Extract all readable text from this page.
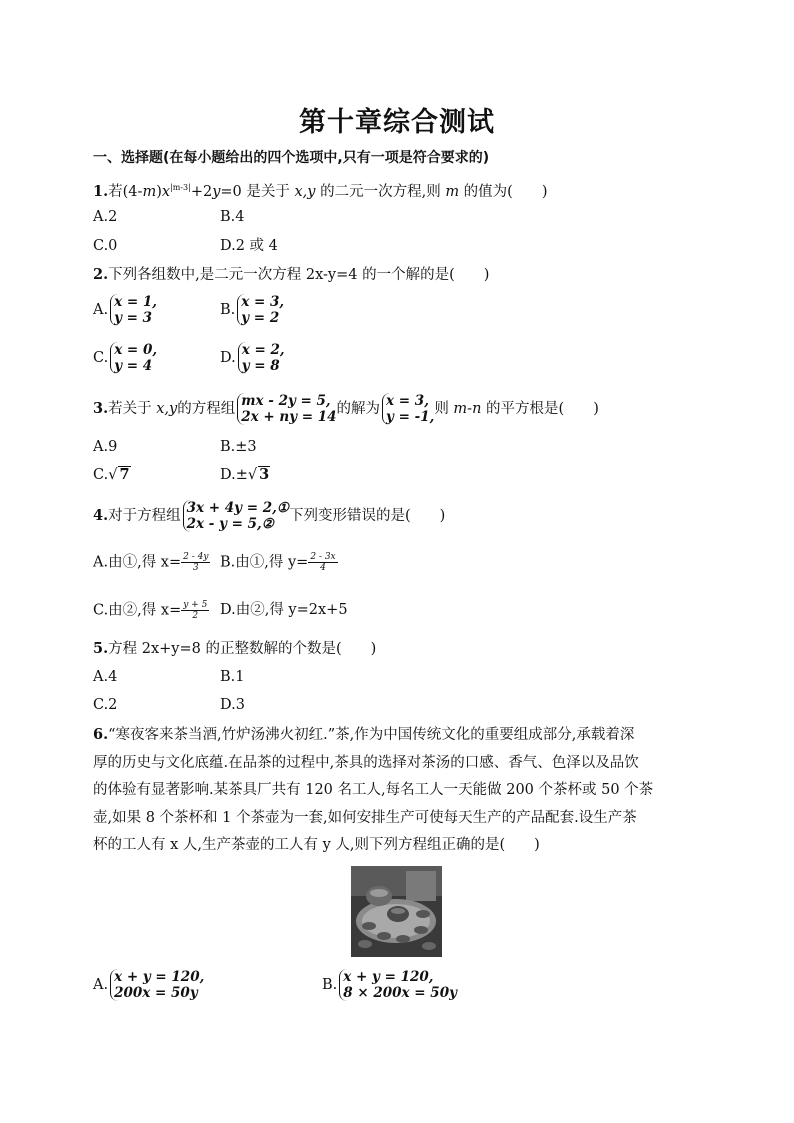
第十章综合测试
一、选择题(在每小题给出的四个选项中,只有一项是符合要求的)
1.若$(4-m)x^{|m-3|}+2y=0$ 是关于 x,y 的二元一次方程,则 m 的值为(　　)
A.2	B.4
C.0	D.2 或 4
2.下列各组数中,是二元一次方程 2x-y=4 的一个解的是(　　)
A. x = 1,
y = 3	B. x = 3,
y = 2
C. x = 0,
y = 4	D. x = 2,
y = 8
3.若关于 x,y的方程组 mx - 2y = 5,
2x + ny = 14 的解为 x = 3,
y = -1, 则 m-n 的平方根是(　　)
A.9	B.±3
C.√ 7	D.±√ 3
4.对于方程组 3x + 4y = 2,①
2x - y = 5,②	下列变形错误的是(　　)
A.由①,得 $x= \frac{2 - 4y}{3} B$.由①,得 $y= \frac{2 - 3x}{4}$
C.由②,得 $x= \frac{y + 5}{2} D$.由②,得 y=2x+5
5.方程 2x+y=8 的正整数解的个数是(　　)
A.4	B.1
C.2	D.3
6.“寒夜客来茶当酒,竹炉汤沸火初红.”茶,作为中国传统文化的重要组成部分,承载着深
厚的历史与文化底蕴.在品茶的过程中,茶具的选择对茶汤的口感、香气、色泽以及品饮
的体验有显著影响.某茶具厂共有 120 名工人,每名工人一天能做 200 个茶杯或 50 个茶
壶,如果 8 个茶杯和 1 个茶壶为一套,如何安排生产可使每天生产的产品配套.设生产茶
杯的工人有 x 人,生产茶壶的工人有 y 人,则下列方程组正确的是(　　)
A. x + y = 120,
200x = 50y	B. x + y = 120,
8 × 200x = 50y
